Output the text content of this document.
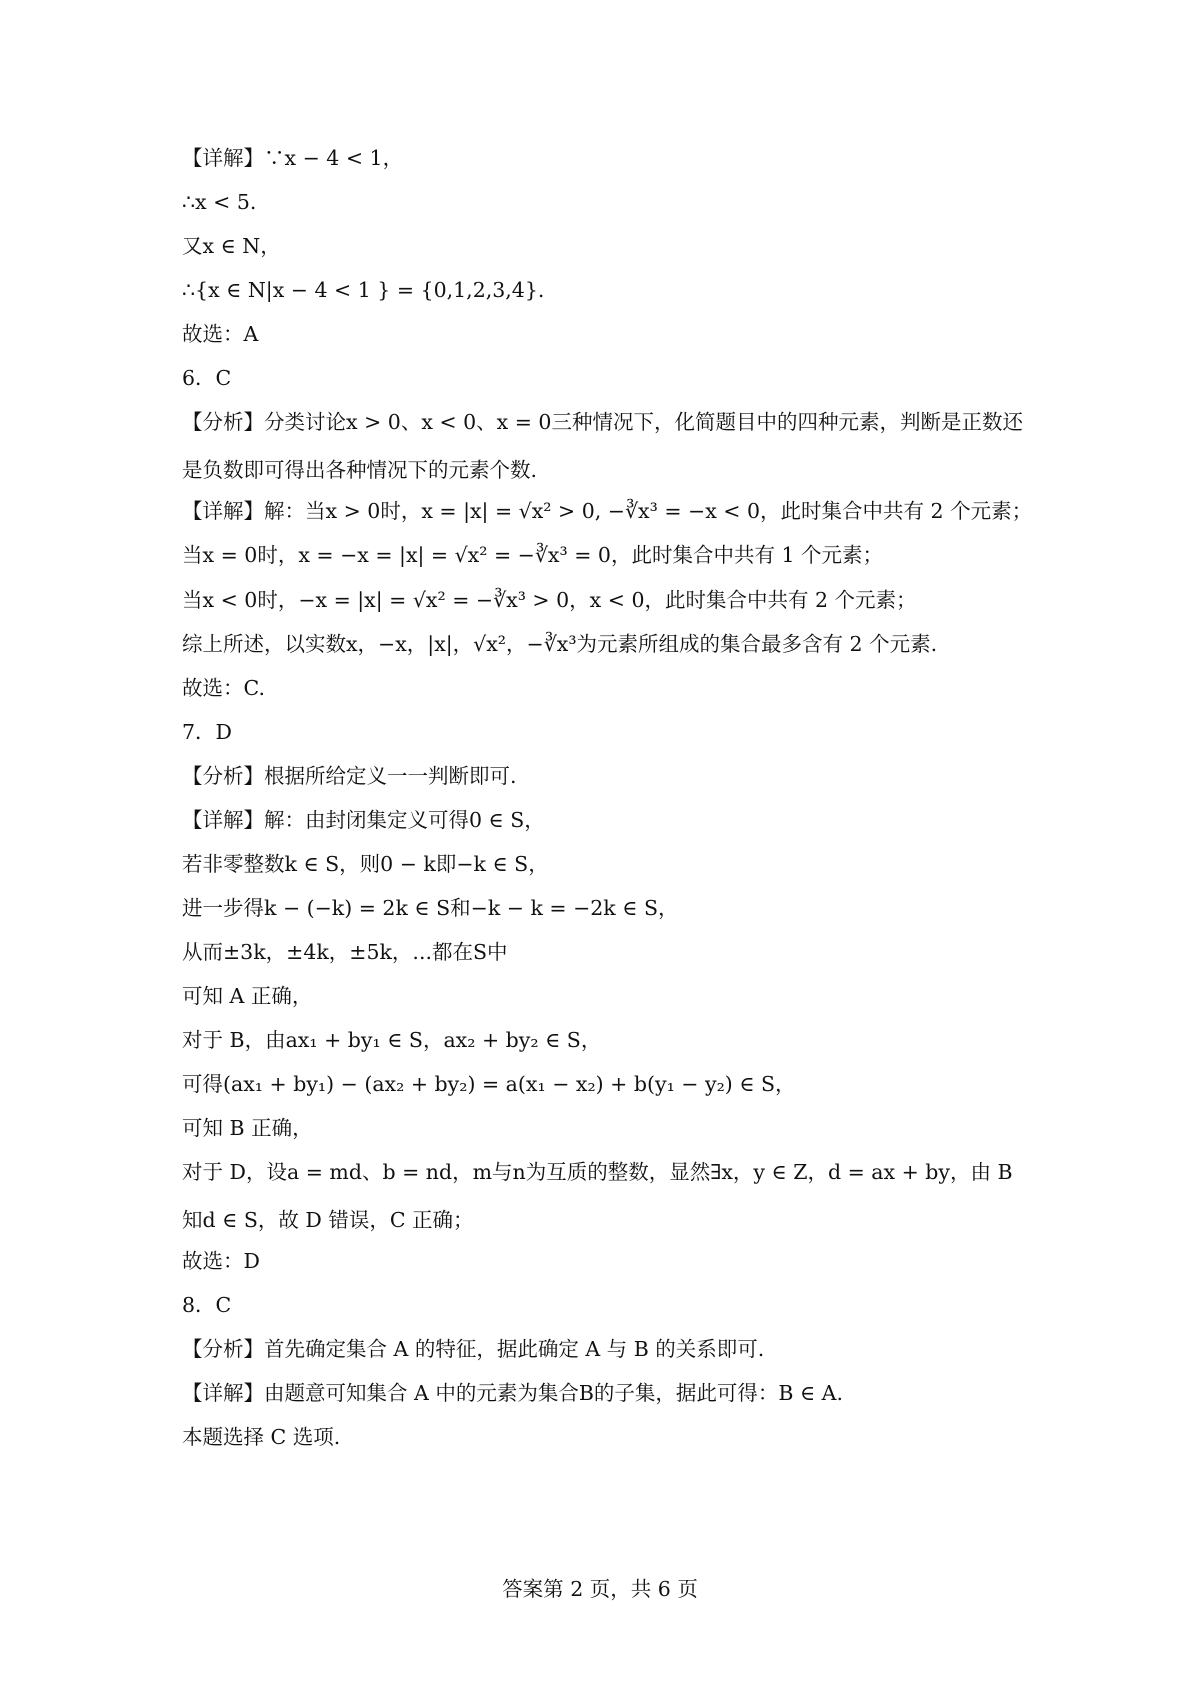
【详解】∵x − 4 < 1，
∴x < 5.
又x ∈ N，
∴{x ∈ N|x − 4 < 1 } = {0,1,2,3,4}.
故选：A
6．C
【分析】分类讨论x > 0、x < 0、x = 0三种情况下，化简题目中的四种元素，判断是正数还是负数即可得出各种情况下的元素个数.
【详解】解：当x > 0时，x = |x| = √x² > 0, −∛x³ = −x < 0，此时集合中共有 2 个元素；
当x = 0时，x = −x = |x| = √x² = −∛x³ = 0，此时集合中共有 1 个元素；
当x < 0时，−x = |x| = √x² = −∛x³ > 0，x < 0，此时集合中共有 2 个元素；
综上所述，以实数x，−x，|x|，√x²，−∛x³为元素所组成的集合最多含有 2 个元素.
故选：C.
7．D
【分析】根据所给定义一一判断即可.
【详解】解：由封闭集定义可得0 ∈ S，
若非零整数k ∈ S，则0 − k即−k ∈ S，
进一步得k − (−k) = 2k ∈ S和−k − k = −2k ∈ S，
从而±3k，±4k，±5k，...都在S中
可知 A 正确，
对于 B，由ax₁ + by₁ ∈ S，ax₂ + by₂ ∈ S，
可得(ax₁ + by₁) − (ax₂ + by₂) = a(x₁ − x₂) + b(y₁ − y₂) ∈ S，
可知 B 正确，
对于 D，设a = md、b = nd，m与n为互质的整数，显然∃x，y ∈ Z，d = ax + by，由 B 知d ∈ S，故 D 错误，C 正确；
故选：D
8．C
【分析】首先确定集合 A 的特征，据此确定 A 与 B 的关系即可.
【详解】由题意可知集合 A 中的元素为集合B的子集，据此可得：B ∈ A.
本题选择 C 选项.
答案第 2 页，共 6 页
